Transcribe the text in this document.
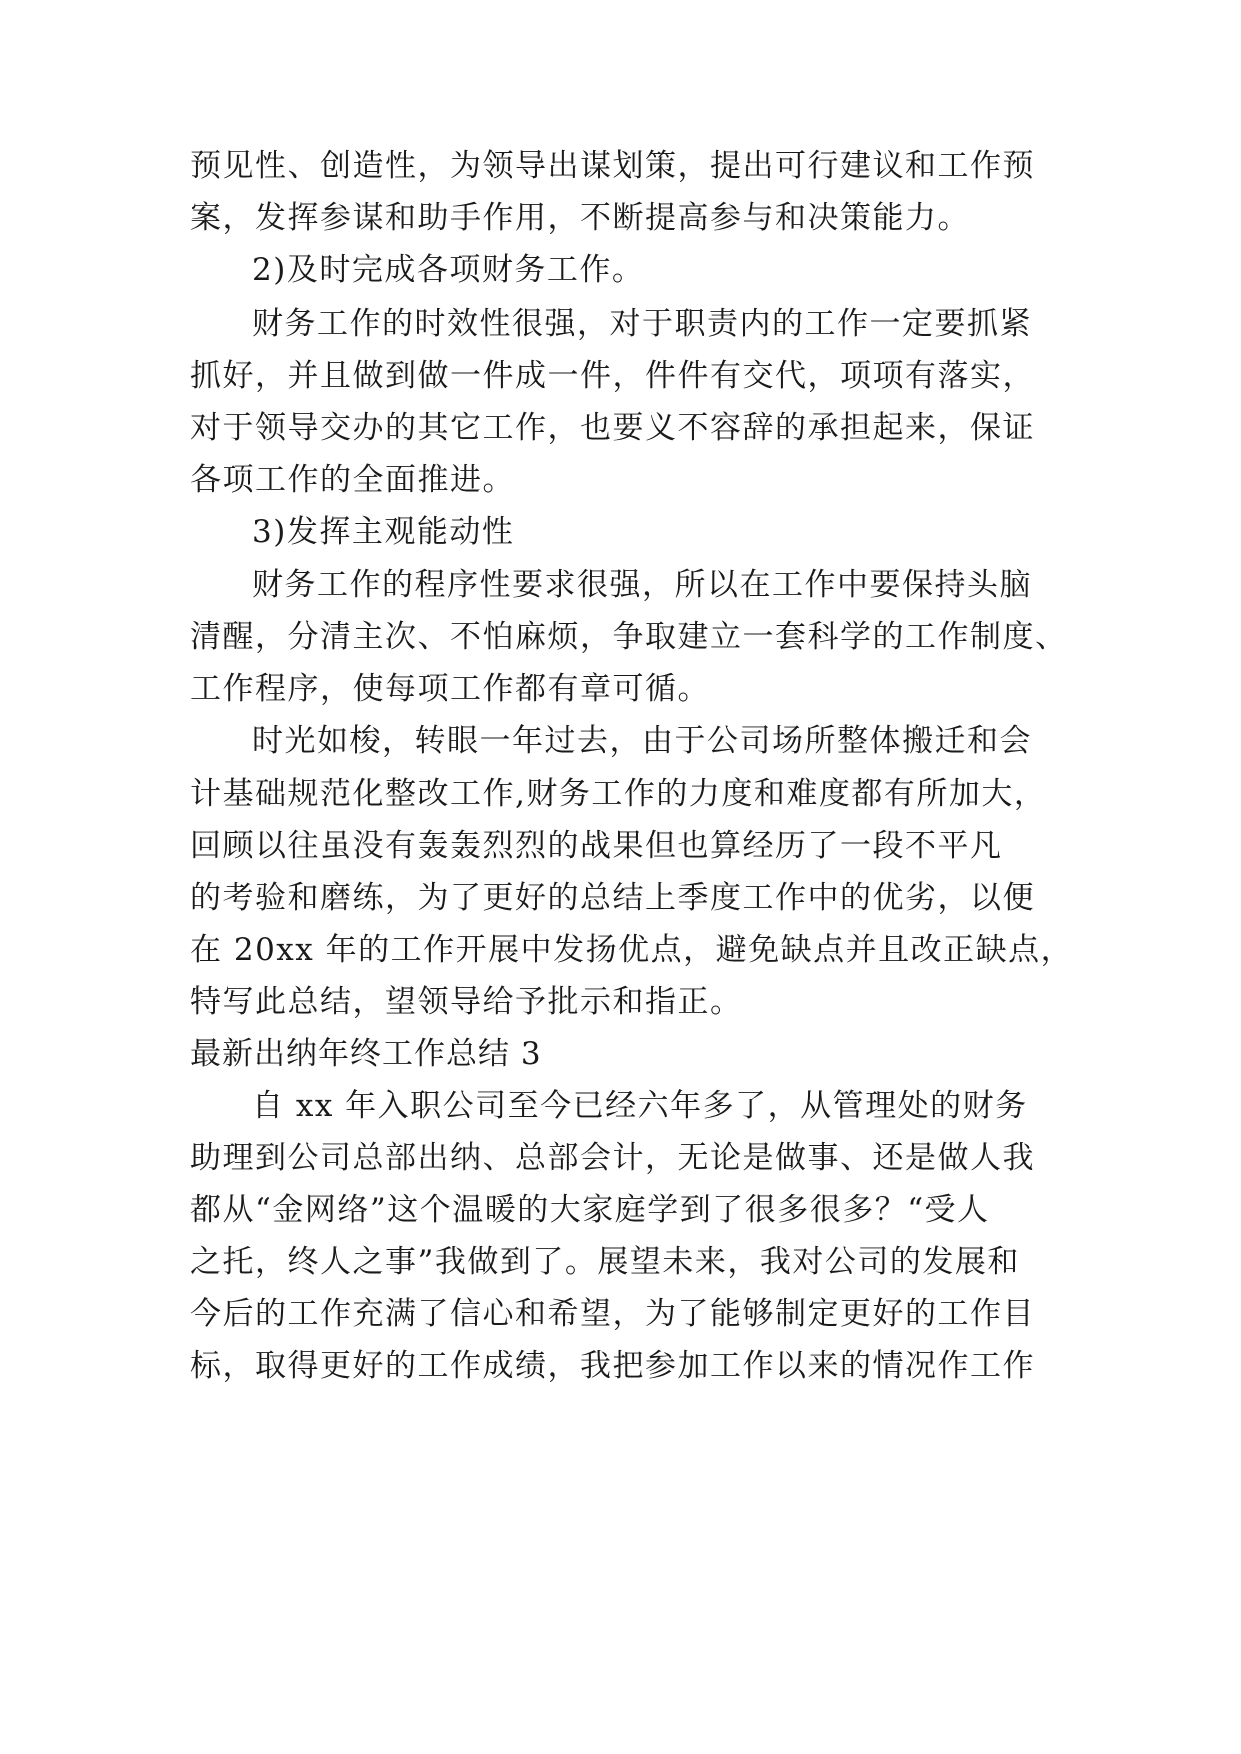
预见性、创造性，为领导出谋划策，提出可行建议和工作预
案，发挥参谋和助手作用，不断提高参与和决策能力。
2)及时完成各项财务工作。
财务工作的时效性很强，对于职责内的工作一定要抓紧
抓好，并且做到做一件成一件，件件有交代，项项有落实，
对于领导交办的其它工作，也要义不容辞的承担起来，保证
各项工作的全面推进。
3)发挥主观能动性
财务工作的程序性要求很强，所以在工作中要保持头脑
清醒，分清主次、不怕麻烦，争取建立一套科学的工作制度、
工作程序，使每项工作都有章可循。
时光如梭，转眼一年过去，由于公司场所整体搬迁和会
计基础规范化整改工作,财务工作的力度和难度都有所加大，
回顾以往虽没有轰轰烈烈的战果但也算经历了一段不平凡
的考验和磨练，为了更好的总结上季度工作中的优劣，以便
在 20xx 年的工作开展中发扬优点，避免缺点并且改正缺点，
特写此总结，望领导给予批示和指正。
最新出纳年终工作总结 3
自 xx 年入职公司至今已经六年多了，从管理处的财务
助理到公司总部出纳、总部会计，无论是做事、还是做人我
都从“金网络”这个温暖的大家庭学到了很多很多？“受人
之托，终人之事”我做到了。展望未来，我对公司的发展和
今后的工作充满了信心和希望，为了能够制定更好的工作目
标，取得更好的工作成绩，我把参加工作以来的情况作工作
